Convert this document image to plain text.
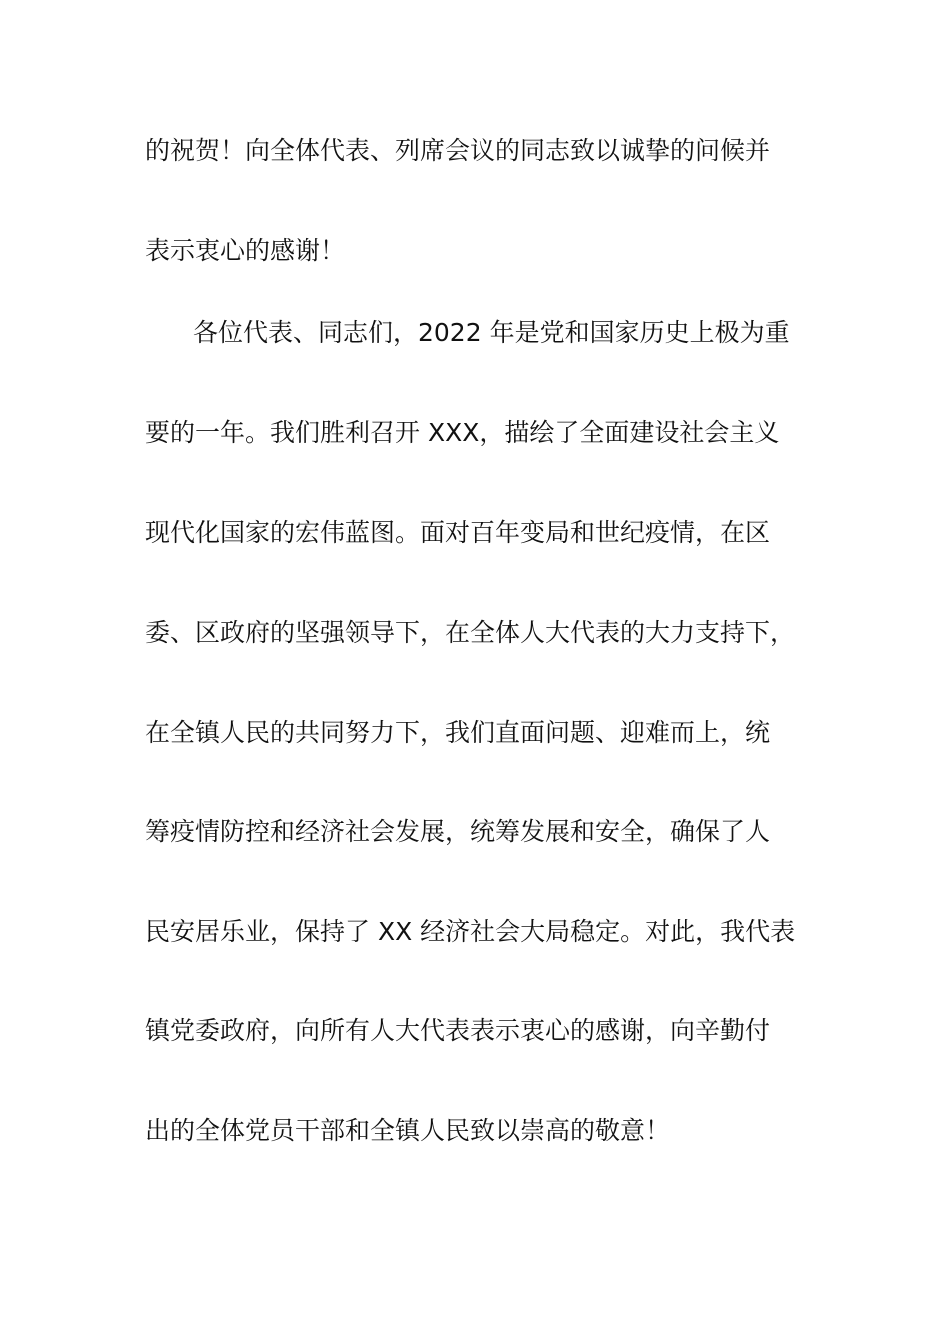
的祝贺！向全体代表、列席会议的同志致以诚挚的问候并
表示衷心的感谢！
各位代表、同志们，2022 年是党和国家历史上极为重
要的一年。我们胜利召开 XXX，描绘了全面建设社会主义
现代化国家的宏伟蓝图。面对百年变局和世纪疫情，在区
委、区政府的坚强领导下，在全体人大代表的大力支持下，
在全镇人民的共同努力下，我们直面问题、迎难而上，统
筹疫情防控和经济社会发展，统筹发展和安全，确保了人
民安居乐业，保持了 XX 经济社会大局稳定。对此，我代表
镇党委政府，向所有人大代表表示衷心的感谢，向辛勤付
出的全体党员干部和全镇人民致以崇高的敬意！
